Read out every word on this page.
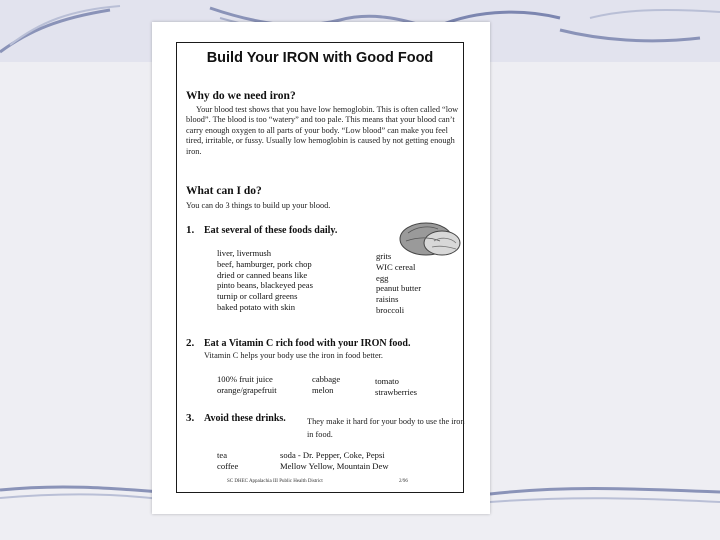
Build Your IRON with Good Food
Why do we need iron?
Your blood test shows that you have low hemoglobin. This is often called “low blood”. The blood is too “watery” and too pale. This means that your blood can’t carry enough oxygen to all parts of your body. “Low blood” can make you feel tired, irritable, or fussy. Usually low hemoglobin is caused by not getting enough iron.
What can I do?
You can do 3 things to build up your blood.
1. Eat several of these foods daily.
liver, livermush
beef, hamburger, pork chop
dried or canned beans like
pinto beans, blackeyed peas
turnip or collard greens
baked potato with skin
grits
WIC cereal
egg
peanut butter
raisins
broccoli
2. Eat a Vitamin C rich food with your IRON food.
Vitamin C helps your body use the iron in food better.
100% fruit juice
orange/grapefruit
cabbage
melon
tomato
strawberries
3. Avoid these drinks.	They make it hard for your body to use the iron in food.
tea
coffee
soda - Dr. Pepper, Coke, Pepsi
Mellow Yellow, Mountain Dew
SC DHEC Appalachia III Public Health District	2/96
